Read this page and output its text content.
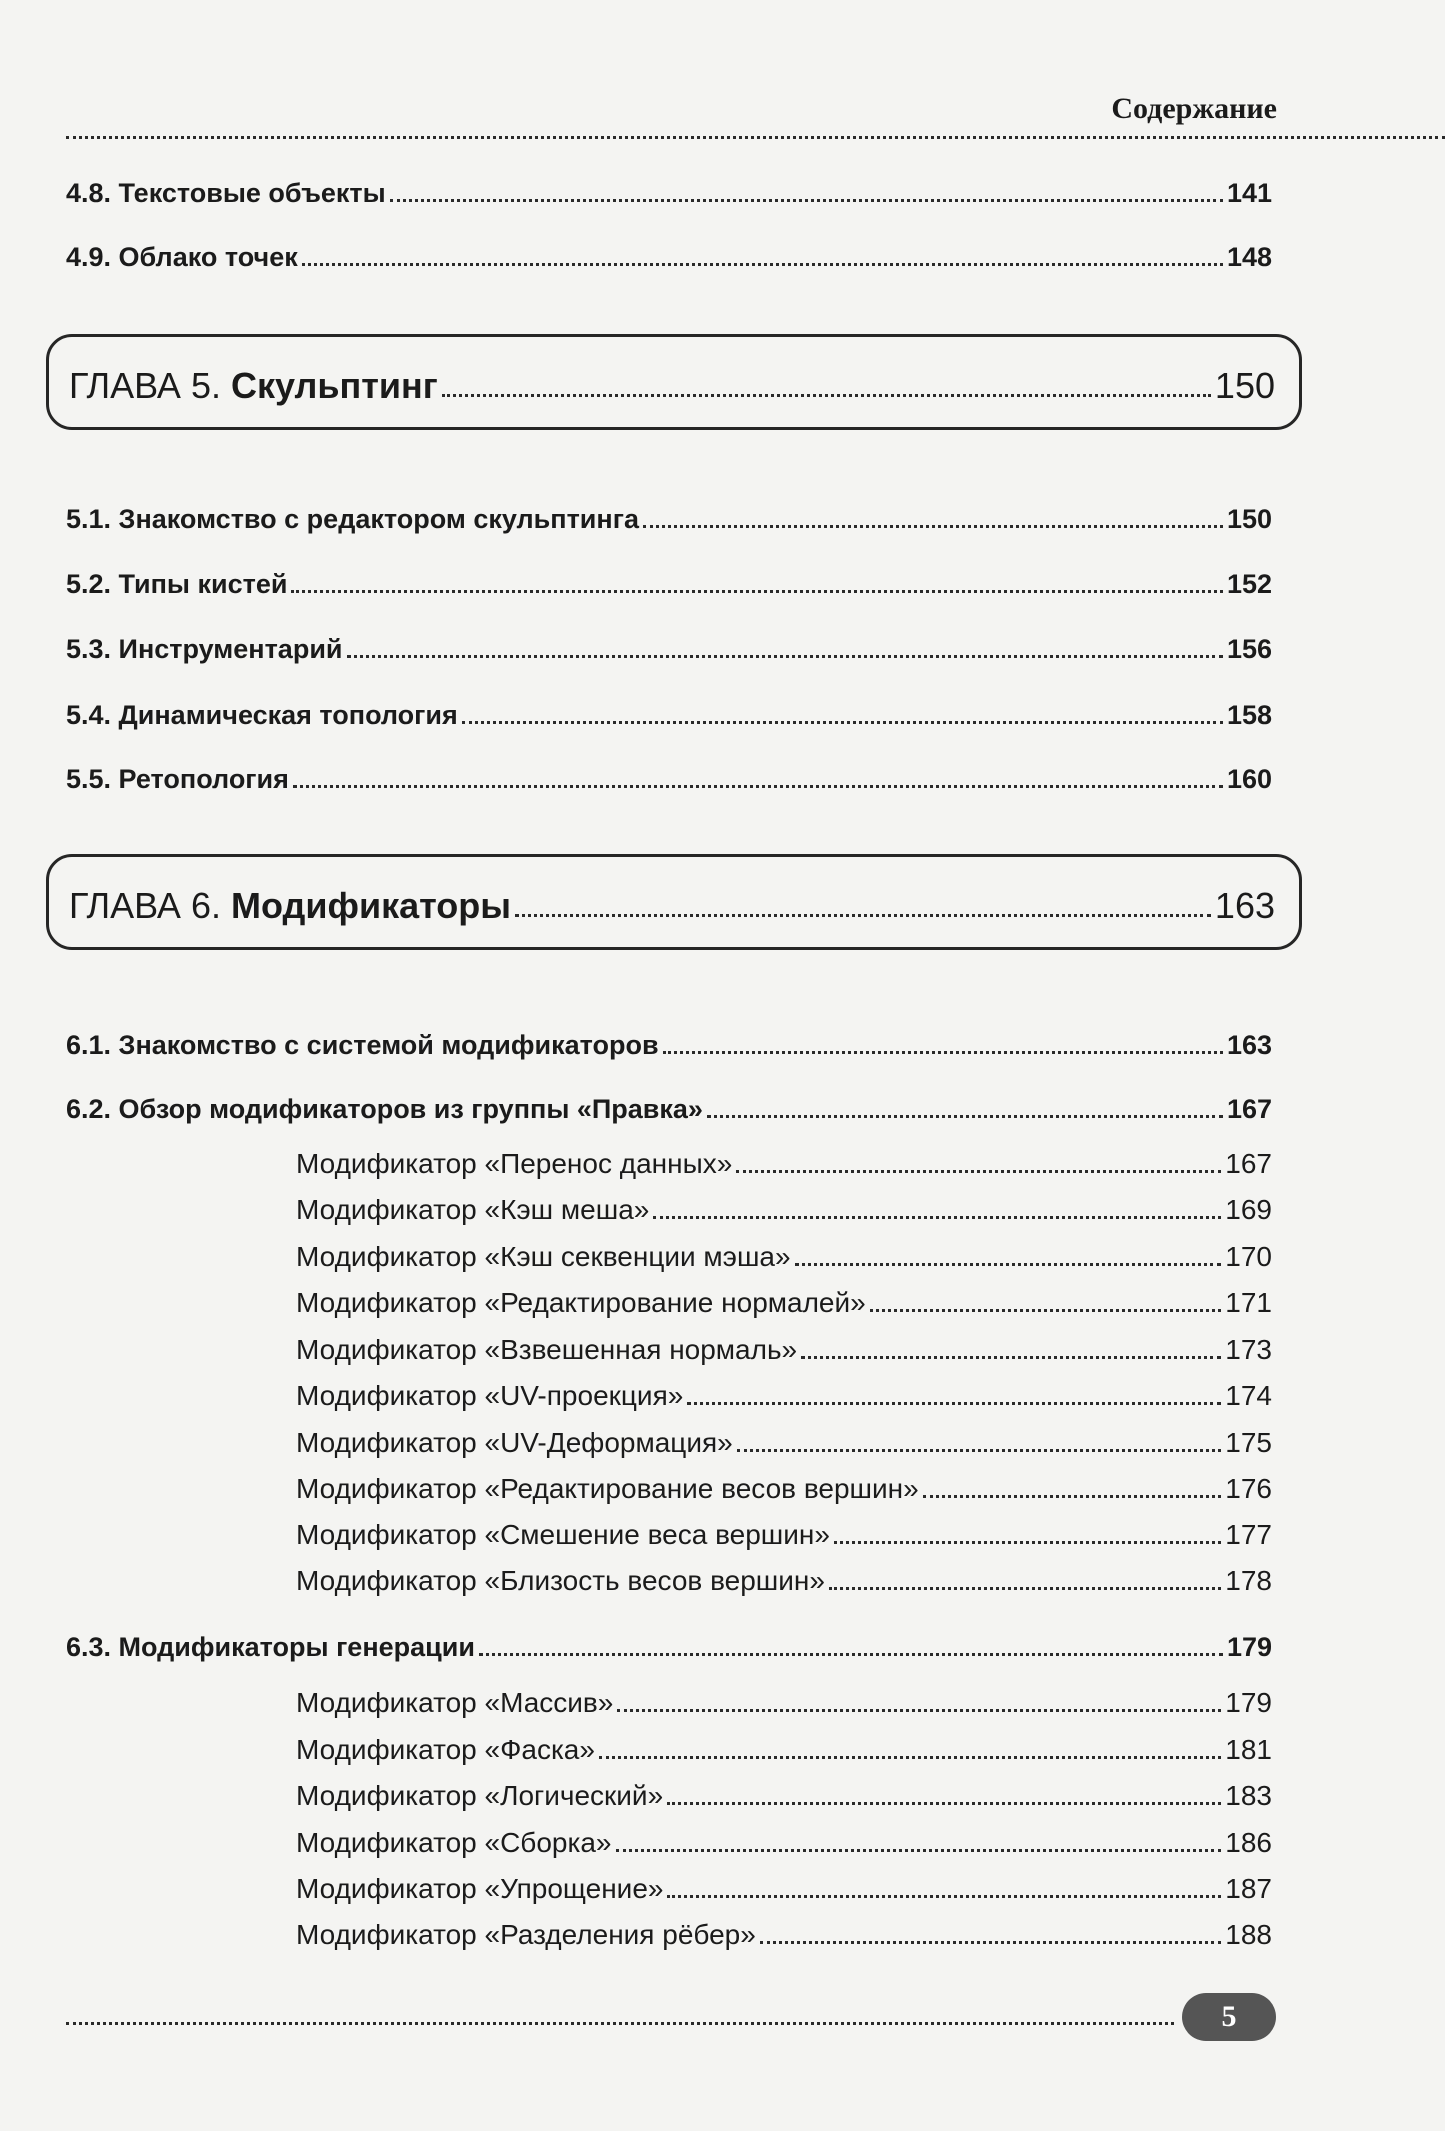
Содержание
4.8. Текстовые объекты	141
4.9. Облако точек	148
ГЛАВА 5. Скульптинг	150
5.1. Знакомство с редактором скульптинга	150
5.2. Типы кистей	152
5.3. Инструментарий	156
5.4. Динамическая топология	158
5.5. Ретопология	160
ГЛАВА 6. Модификаторы	163
6.1. Знакомство с системой модификаторов	163
6.2. Обзор модификаторов из группы «Правка»	167
Модификатор «Перенос данных»	167
Модификатор «Кэш меша»	169
Модификатор «Кэш секвенции мэша»	170
Модификатор «Редактирование нормалей»	171
Модификатор «Взвешенная нормаль»	173
Модификатор «UV-проекция»	174
Модификатор «UV-Деформация»	175
Модификатор «Редактирование весов вершин»	176
Модификатор «Смешение веса вершин»	177
Модификатор «Близость весов вершин»	178
6.3. Модификаторы генерации	179
Модификатор «Массив»	179
Модификатор «Фаска»	181
Модификатор «Логический»	183
Модификатор «Сборка»	186
Модификатор «Упрощение»	187
Модификатор «Разделения рёбер»	188
5
